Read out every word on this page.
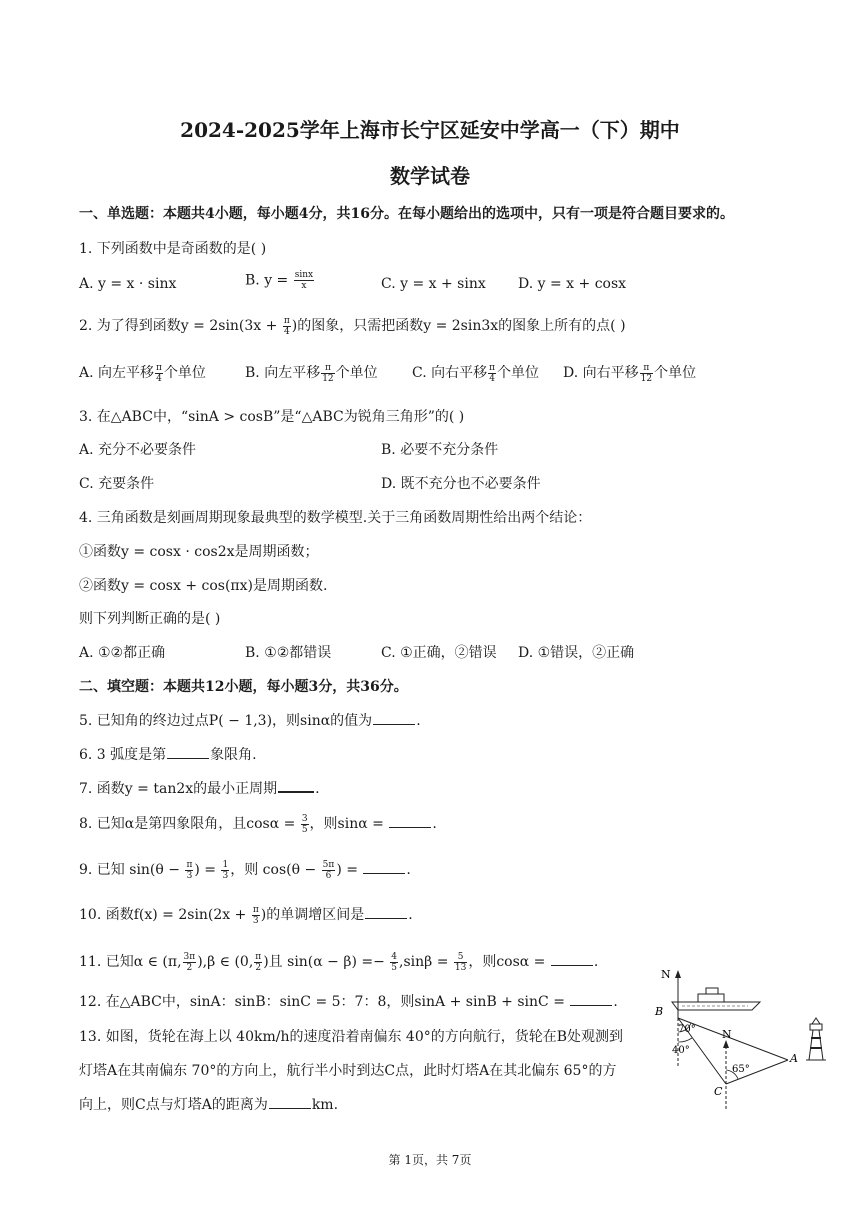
2024-2025学年上海市长宁区延安中学高一（下）期中
数学试卷
一、单选题：本题共4小题，每小题4分，共16分。在每小题给出的选项中，只有一项是符合题目要求的。
1. 下列函数中是奇函数的是( )
A. y = x · sinx	B. $y = \frac{\sin x}{x}$	C. y = x + sinx D. y = x + cosx
2. 为了得到函数$y = 2\sin(3x + \frac{\pi}{4}$ )的图象，只需把函数y = 2sin3x的图象上所有的点( )
A. 向左平移 $\frac{\pi}{4}$ 个单位	B. 向左平移 $\frac{\pi}{12}$ 个单位 C. 向右平移 $\frac{\pi}{4}$ 个单位 D. 向右平移 $\frac{\pi}{12}$ 个单位
3. 在△ABC中，“sinA > cosB”是“△ABC为锐角三角形”的( )
A. 充分不必要条件	B. 必要不充分条件
C. 充要条件	D. 既不充分也不必要条件
4. 三角函数是刻画周期现象最典型的数学模型.关于三角函数周期性给出两个结论：
①函数y = cosx · cos2x是周期函数；
②函数y = cosx + cos(πx)是周期函数.
则下列判断正确的是( )
A. ①②都正确	B. ①②都错误	C. ①正确，②错误 D. ①错误，②正确
二、填空题：本题共12小题，每小题3分，共36分。
5. 已知角的终边过点P( − 1,3)，则sinα的值为	.
6. 3 弧度是第	象限角.
7. 函数y = tan2x的最小正周期	.
8. 已知α是第四象限角，且$\cos\alpha = \frac{3}{5}$ ，则sinα =	.
9. 已知 $\sin(\theta - \frac{\pi}{3}$ ) = $\frac{1}{3}$ ，则 $\cos(\theta - \frac{5\pi}{6}$ ) =	.
10. 函数$f(x) = 2\sin(2x + \frac{\pi}{3}$ )的单调增区间是	.
11. 已知α ∈ (π, $\frac{3\pi}{2} ),\beta$ ∈ (0, $\frac{\pi}{2}$ )且 $\sin(\alpha - \beta) =- \frac{4}{5} ,\sin\beta = \frac{5}{13}$ ，则cosα =	.
12. 在△ABC中，sinA：sinB：sinC = 5：7：8，则sinA + sinB + sinC =	.
13. 如图，货轮在海上以 40km/h的速度沿着南偏东 40°的方向航行，货轮在B处观测到
灯塔A在其南偏东 70°的方向上，航行半小时到达C点，此时灯塔A在其北偏东 65°的方
向上，则C点与灯塔A的距离为	km.
N
B
70°
40°
N
65°
C
A
第 1页，共 7页
